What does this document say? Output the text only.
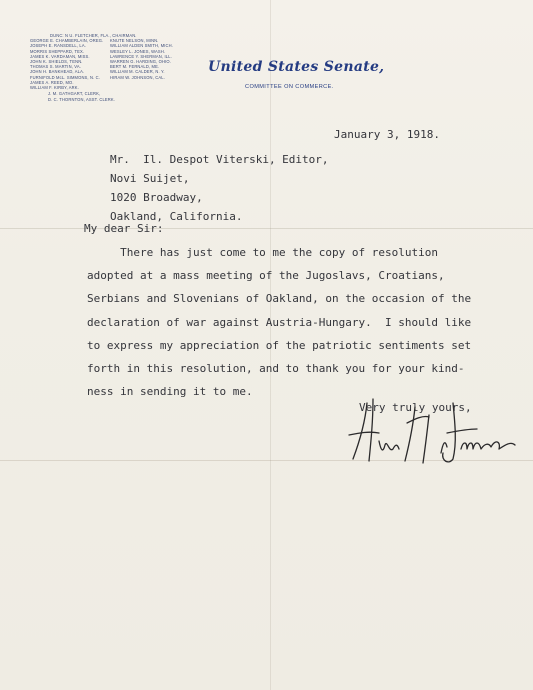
DUNC: N U. FLETCHER, FLA., CHAIRMAN.
GEORGE E. CHAMBERLAIN, OREG.	KNUTE NELSON, MINN.
JOSEPH E. RANSDELL, LA.	WILLIAM ALDEN SMITH, MICH.
MORRIS SHEPPARD, TEX.	WESLEY L. JONES, WASH.
JAMES K. VARDAMAN, MISS.	LAWRENCE Y. SHERMAN, ILL.
JOHN K. SHIELDS, TENN.	WARREN G. HARDING, OHIO.
THOMAS S. MARTIN, VA.	BERT M. FERNALD, ME.
JOHN H. BANKHEAD, ALA.	WILLIAM M. CALDER, N. Y.
FURNIFOLD McL. SIMMONS, N. C.	HIRAM W. JOHNSON, CAL.
JAMES A. REED, MO.
WILLIAM F. KIRBY, ARK.
J. M. GATHGART, CLERK,
D. C. THORNTON, ASST. CLERK.
United States Senate,
COMMITTEE ON COMMERCE.
January 3, 1918.
Mr.  Il. Despot Viterski, Editor,
Novi Suijet,
1020 Broadway,
Oakland, California.
My dear Sir:
There has just come to me the copy of resolution
adopted at a mass meeting of the Jugoslavs, Croatians,
Serbians and Slovenians of Oakland, on the occasion of the
declaration of war against Austria-Hungary.  I should like
to express my appreciation of the patriotic sentiments set
forth in this resolution, and to thank you for your kind-
ness in sending it to me.
Very truly yours,
